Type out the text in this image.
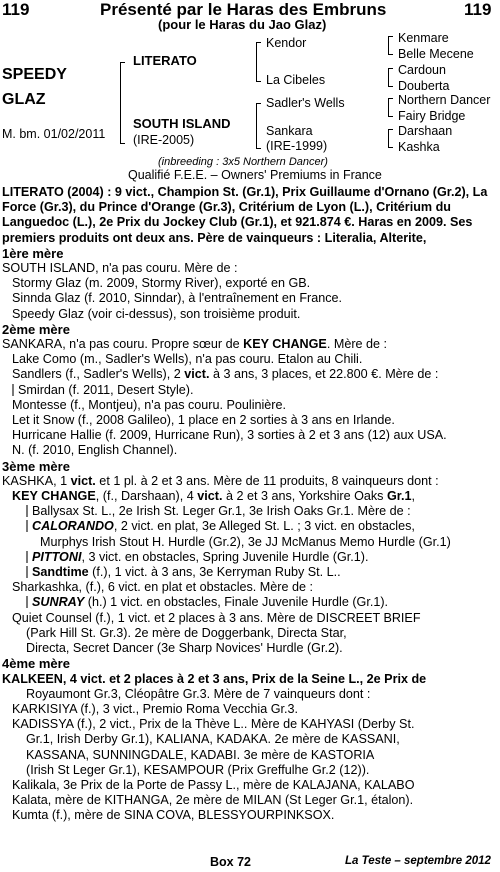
119	Présenté par le Haras des Embruns	119
(pour le Haras du Jao Glaz)
SPEEDY
GLAZ
M. bm. 01/02/2011
LITERATO
SOUTH ISLAND
(IRE-2005)
Kendor
La Cibeles
Sadler's Wells
Sankara
(IRE-1999)
Kenmare
Belle Mecene
Cardoun
Douberta
Northern Dancer
Fairy Bridge
Darshaan
Kashka
(inbreeding : 3x5 Northern Dancer)
Qualifié F.E.E. – Owners' Premiums in France

LITERATO (2004) : 9 vict., Champion St. (Gr.1), Prix Guillaume d'Ornano (Gr.2), La Force (Gr.3), du Prince d'Orange (Gr.3), Critérium de Lyon (L.), Critérium du Languedoc (L.), 2e Prix du Jockey Club (Gr.1), et 921.874 €. Haras en 2009. Ses premiers produits ont deux ans. Père de vainqueurs : Literalia, Alterite,

1ère mère

SOUTH ISLAND, n'a pas couru. Mère de :

Stormy Glaz (m. 2009, Stormy River), exporté en GB.

Sinnda Glaz (f. 2010, Sinndar), à l'entraînement en France.

Speedy Glaz (voir ci-dessus), son troisième produit.

2ème mère

SANKARA, n'a pas couru. Propre sœur de KEY CHANGE. Mère de :

Lake Como (m., Sadler's Wells), n'a pas couru. Etalon au Chili.

Sandlers (f., Sadler's Wells), 2 vict. à 3 ans, 3 places, et 22.800 €. Mère de :

Smirdan (f. 2011, Desert Style).

Montesse (f., Montjeu), n'a pas couru. Poulinière.

Let it Snow (f., 2008 Galileo), 1 place en 2 sorties à 3 ans en Irlande.

Hurricane Hallie (f. 2009, Hurricane Run), 3 sorties à 2 et 3 ans (12) aux USA.

N. (f. 2010, English Channel).

3ème mère

KASHKA, 1 vict. et 1 pl. à 2 et 3 ans. Mère de 11 produits, 8 vainqueurs dont :

KEY CHANGE, (f., Darshaan), 4 vict. à 2 et 3 ans, Yorkshire Oaks Gr.1,

Ballysax St. L., 2e Irish St. Leger Gr.1, 3e Irish Oaks Gr.1. Mère de :

CALORANDO, 2 vict. en plat, 3e Alleged St. L. ; 3 vict. en obstacles,

Murphys Irish Stout H. Hurdle (Gr.2), 3e JJ McManus Memo Hurdle (Gr.1)

PITTONI, 3 vict. en obstacles, Spring Juvenile Hurdle (Gr.1).

Sandtime (f.), 1 vict. à 3 ans, 3e Kerryman Ruby St. L..

Sharkashka, (f.), 6 vict. en plat et obstacles. Mère de :

SUNRAY (h.) 1 vict. en obstacles, Finale Juvenile Hurdle (Gr.1).

Quiet Counsel (f.), 1 vict. et 2 places à 3 ans. Mère de DISCREET BRIEF

(Park Hill St. Gr.3). 2e mère de Doggerbank, Directa Star,

Directa, Secret Dancer (3e Sharp Novices' Hurdle (Gr.2).

4ème mère

KALKEEN, 4 vict. et 2 places à 2 et 3 ans, Prix de la Seine L., 2e Prix de

Royaumont Gr.3, Cléopâtre Gr.3. Mère de 7 vainqueurs dont :

KARKISIYA (f.), 3 vict., Premio Roma Vecchia Gr.3.

KADISSYA (f.), 2 vict., Prix de la Thève L.. Mère de KAHYASI (Derby St.

Gr.1, Irish Derby Gr.1), KALIANA, KADAKA. 2e mère de KASSANI,

KASSANA, SUNNINGDALE, KADABI. 3e mère de KASTORIA

(Irish St Leger Gr.1), KESAMPOUR (Prix Greffulhe Gr.2 (12)).

Kalikala, 3e Prix de la Porte de Passy L., mère de KALAJANA, KALABO

Kalata, mère de KITHANGA, 2e mère de MILAN (St Leger Gr.1, étalon).

Kumta (f.), mère de SINA COVA, BLESSYOURPINKSOX.

Box 72	La Teste – septembre 2012
